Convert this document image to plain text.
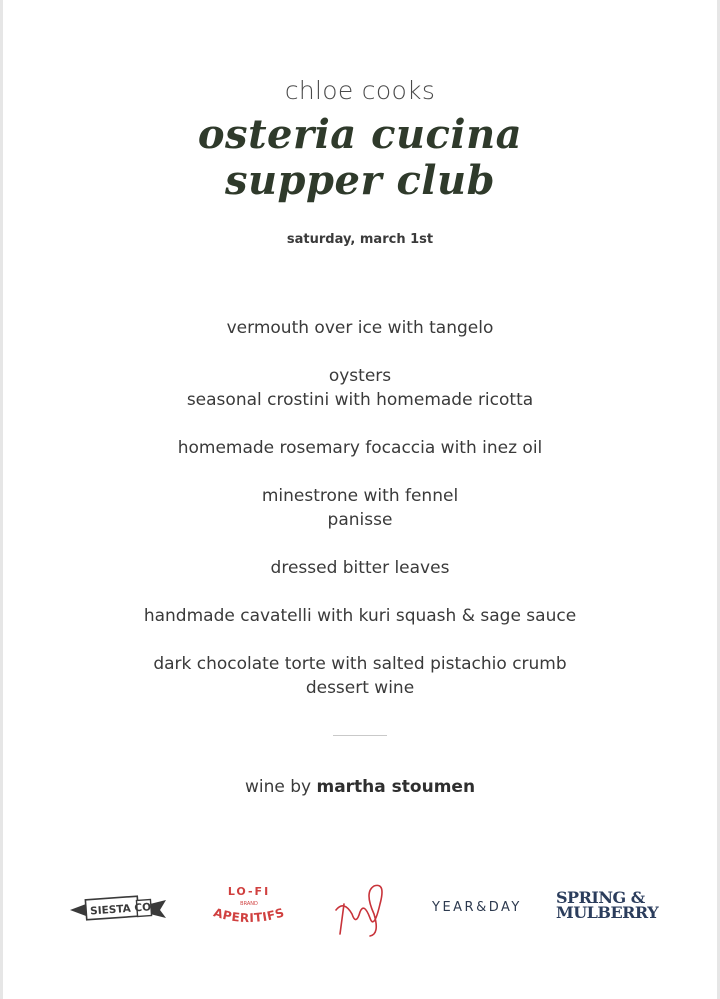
chloe cooks
osteria cucina
supper club
saturday, march 1st
vermouth over ice with tangelo
oysters
seasonal crostini with homemade ricotta
homemade rosemary focaccia with inez oil
minestrone with fennel
panisse
dressed bitter leaves
handmade cavatelli with kuri squash & sage sauce
dark chocolate torte with salted pistachio crumb
dessert wine
wine by martha stoumen
SIESTA CO.
LO-FI
BRAND
APERITIFS	YEAR&DAY
SPRING &
MULBERRY
